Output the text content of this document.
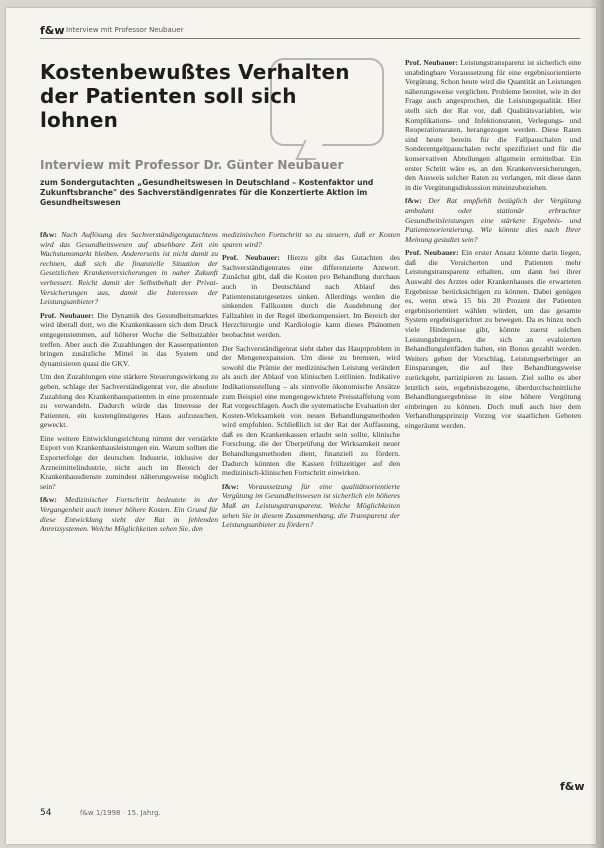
f&w Interview mit Professor Neubauer
Kostenbewußtes Verhalten der Patienten soll sich lohnen
Interview mit Professor Dr. Günter Neubauer
zum Sondergutachten „Gesundheitswesen in Deutschland – Kostenfaktor und Zukunftsbranche" des Sachverständigenrates für die Konzertierte Aktion im Gesundheitswesen

f&w: Nach Auflösung des Sachverständigengutachtens wird das Gesundheitswesen auf absehbare Zeit ein Wachstumsmarkt bleiben. Andererseits ist nicht damit zu rechnen, daß sich die finanzielle Situation der Gesetzlichen Krankenversicherungen in naher Zukunft verbessert. Reicht damit der Selbstbehalt der Privat-Versicherungen aus, damit die Interessen der Leistungsanbieter?

Prof. Neubauer: Die Dynamik des Gesundheitsmarktes wird überall dort, wo die Krankenkassen sich dem Druck entgegenstemmen, auf höherer Woche die Selbstzahler treffen. Aber auch die Zuzahlungen der Kassenpatienten bringen zusätzliche Mittel in das System und dynamisieren quasi die GKV.

Um den Zuzahlungen eine stärkere Steuerungswirkung zu geben, schlage der Sachverständigenrat vor, die absolute Zuzahlung des Krankenhauspatienten in eine prozentuale zu verwandeln. Dadurch würde das Interesse der Patienten, ein kostengünstigeres Haus aufzusuchen, geweckt.

Eine weitere Entwicklungsrichtung nimmt der verstärkte Export von Krankenhausleistungen ein. Warum sollten die Exporterfolge der deutschen Industrie, inklusive der Arzneimittelindustrie, nicht auch im Bereich der Krankenhausdienste zumindest näherungsweise möglich sein?

f&w: Medizinischer Fortschritt bedeutete in der Vergangenheit auch immer höhere Kosten. Ein Grund für diese Entwicklung sieht der Rat in fehlenden Anreizsystemen. Welche Möglichkeiten sehen Sie, den

medizinischen Fortschritt so zu steuern, daß er Kosten sparen wird?

Prof. Neubauer: Hierzu gibt das Gutachten des Sachverständigenrates eine differenzierte Antwort. Zunächst gibt, daß die Kosten pro Behandlung durchaus auch in Deutschland nach Ablauf des Patientenstatutgesetzes sinken. Allerdings werden die sinkenden Fallkosten durch die Ausdehnung der Fallzahlen in der Regel überkompensiert. Im Bereich der Herzchirurgie und Kardiologie kann dieses Phänomen beobachtet werden.

Der Sachverständigenrat sieht daher das Hauptproblem in der Mengenexpansion. Um diese zu bremsen, wird sowohl die Prämie der medizinischen Leistung verändert als auch der Ablauf von klinischen Leitlinien. Indikative Indikationsstellung – als sinnvolle ökonomische Ansätze zum Beispiel eine mengengewichtete Preisstaffelung vom Rat vorgeschlagen. Auch die systematische Evaluation der Kosten-Wirksamkeit von neuen Behandlungsmethoden wird empfohlen. Schließlich ist der Rat der Auffassung, daß es den Krankenkassen erlaubt sein sollte, klinische Forschung, die der Überprüfung der Wirksamkeit neuer Behandlungsmethoden dient, finanziell zu fördern. Dadurch könnten die Kassen frühzeitiger auf den medizinisch-klinischen Fortschritt einwirken.

f&w: Voraussetzung für eine qualitätsorientierte Vergütung im Gesundheitswesen ist sicherlich ein höheres Maß an Leistungstransparenz. Welche Möglichkeiten sehen Sie in diesem Zusammenhang, die Transparenz der Leistungsanbieter zu fördern?

Prof. Neubauer: Leistungstransparenz ist sicherlich eine unabdingbare Voraussetzung für eine ergebnisorientierte Vergütung. Schon heute wird die Quantität an Leistungen näherungsweise verglichen. Probleme bereitet, wie in der Frage auch angesprochen, die Leistungsqualität. Hier stellt sich der Rat vor, daß Qualitätsvariablen, wie Komplikations- und Infektionsraten, Verlegungs- und Reoperationsraten, herangezogen werden. Diese Raten sind heute bereits für die Fallpauschalen und Sonderentgeltpauschalen recht spezifiziert und für die konservativen Abteilungen allgemein ermittelbar. Ein erster Schritt wäre es, an den Krankenversicherungen, den Ausweis solcher Raten zu verlangen, mit diese dann in die Vergütungsdiskussion miteinzubeziehen.

f&w: Der Rat empfiehlt bezüglich der Vergütung ambulant oder stationär erbrachter Gesundheitsleistungen eine stärkere Ergebnis- und Patientenorientierung. Wie könnte dies nach Ihrer Meinung gestaltet sein?

Prof. Neubauer: Ein erster Ansatz könnte darin liegen, daß die Versicherten und Patienten mehr Leistungstransparenz erhalten, um dann bei ihrer Auswahl des Arztes oder Krankenhauses die erwarteten Ergebnisse berücksichtigen zu können. Dabei genügen es, wenn etwa 15 bis 20 Prozent der Patienten ergebnisorientiert wählen würden, um das gesamte System ergebnisgerichtet zu bewegen. Da es hinzu noch viele Hindernisse gibt, könnte zuerst solchen Leistungsbringern, die sich an evaluierten Behandlungsleitfäden halten, ein Bonus gezahlt werden. Weiters gehen der Vorschlag, Leistungserbringer an Einsparungen, die auf ihre Behandlungsweise zurückgeht, partizipieren zu lassen. Ziel sollte es aber letztlich sein, ergebnisbezogene, überdurchschnittliche Behandlungsergebnisse in eine höhere Vergütung einbringen zu können. Doch muß auch hier dem Verhandlungsprinzip Vorzug vor staatlichen Geboten eingeräumt werden.

54	f&w 1/1998 · 15. Jahrg.
f&w
